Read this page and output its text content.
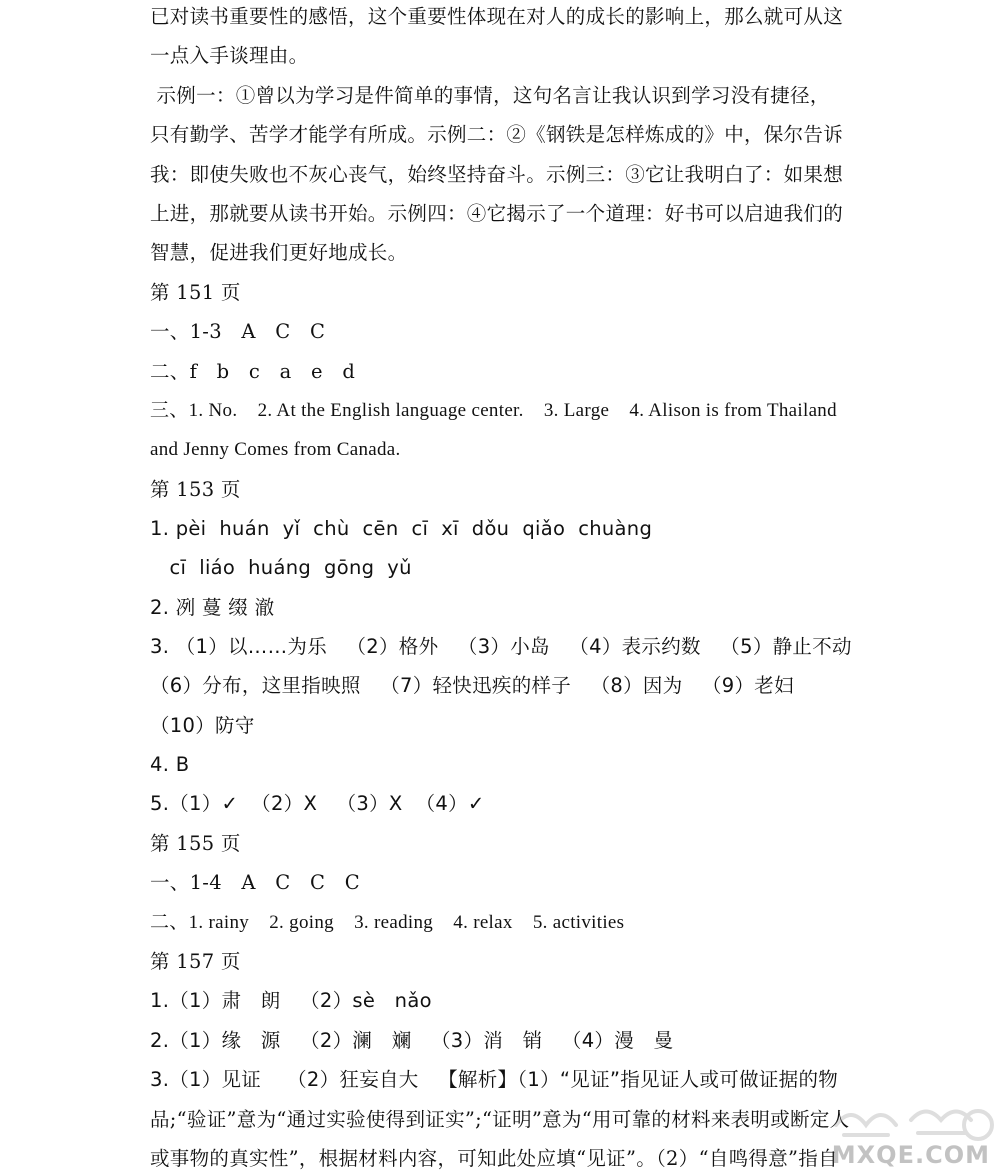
已对读书重要性的感悟，这个重要性体现在对人的成长的影响上，那么就可从这
一点入手谈理由。
示例一：①曾以为学习是件简单的事情，这句名言让我认识到学习没有捷径，
只有勤学、苦学才能学有所成。示例二：②《钢铁是怎样炼成的》中，保尔告诉
我：即使失败也不灰心丧气，始终坚持奋斗。示例三：③它让我明白了：如果想
上进，那就要从读书开始。示例四：④它揭示了一个道理：好书可以启迪我们的
智慧，促进我们更好地成长。
第 151 页
一、1-3   A   C   C
二、f   b   c   a   e   d
三、1. No.    2. At the English language center.    3. Large    4. Alison is from Thailand
and Jenny Comes from Canada.
第 153 页
1. pèi  huán  yǐ  chù  cēn  cī  xī  dǒu  qiǎo  chuàng
cī  liáo  huáng  gōng  yǔ
2. 冽 蔓 缀 澈
3. （1）以……为乐   （2）格外   （3）小岛   （4）表示约数   （5）静止不动
（6）分布，这里指映照   （7）轻快迅疾的样子   （8）因为   （9）老妇
（10）防守
4. B
5.（1）✓  （2）X   （3）X  （4）✓
第 155 页
一、1-4   A   C   C   C
二、1. rainy    2. going    3. reading    4. relax    5. activities
第 157 页
1.（1）肃   朗   （2）sè   nǎo
2.（1）缘   源   （2）澜   斓   （3）消   销   （4）漫   曼
3.（1）见证    （2）狂妄自大   【解析】（1）“见证”指见证人或可做证据的物
品;“验证”意为“通过实验使得到证实”;“证明”意为“用可靠的材料来表明或断定人
或事物的真实性”，根据材料内容，可知此处应填“见证”。（2）“自鸣得意”指自
MXQE.COM
